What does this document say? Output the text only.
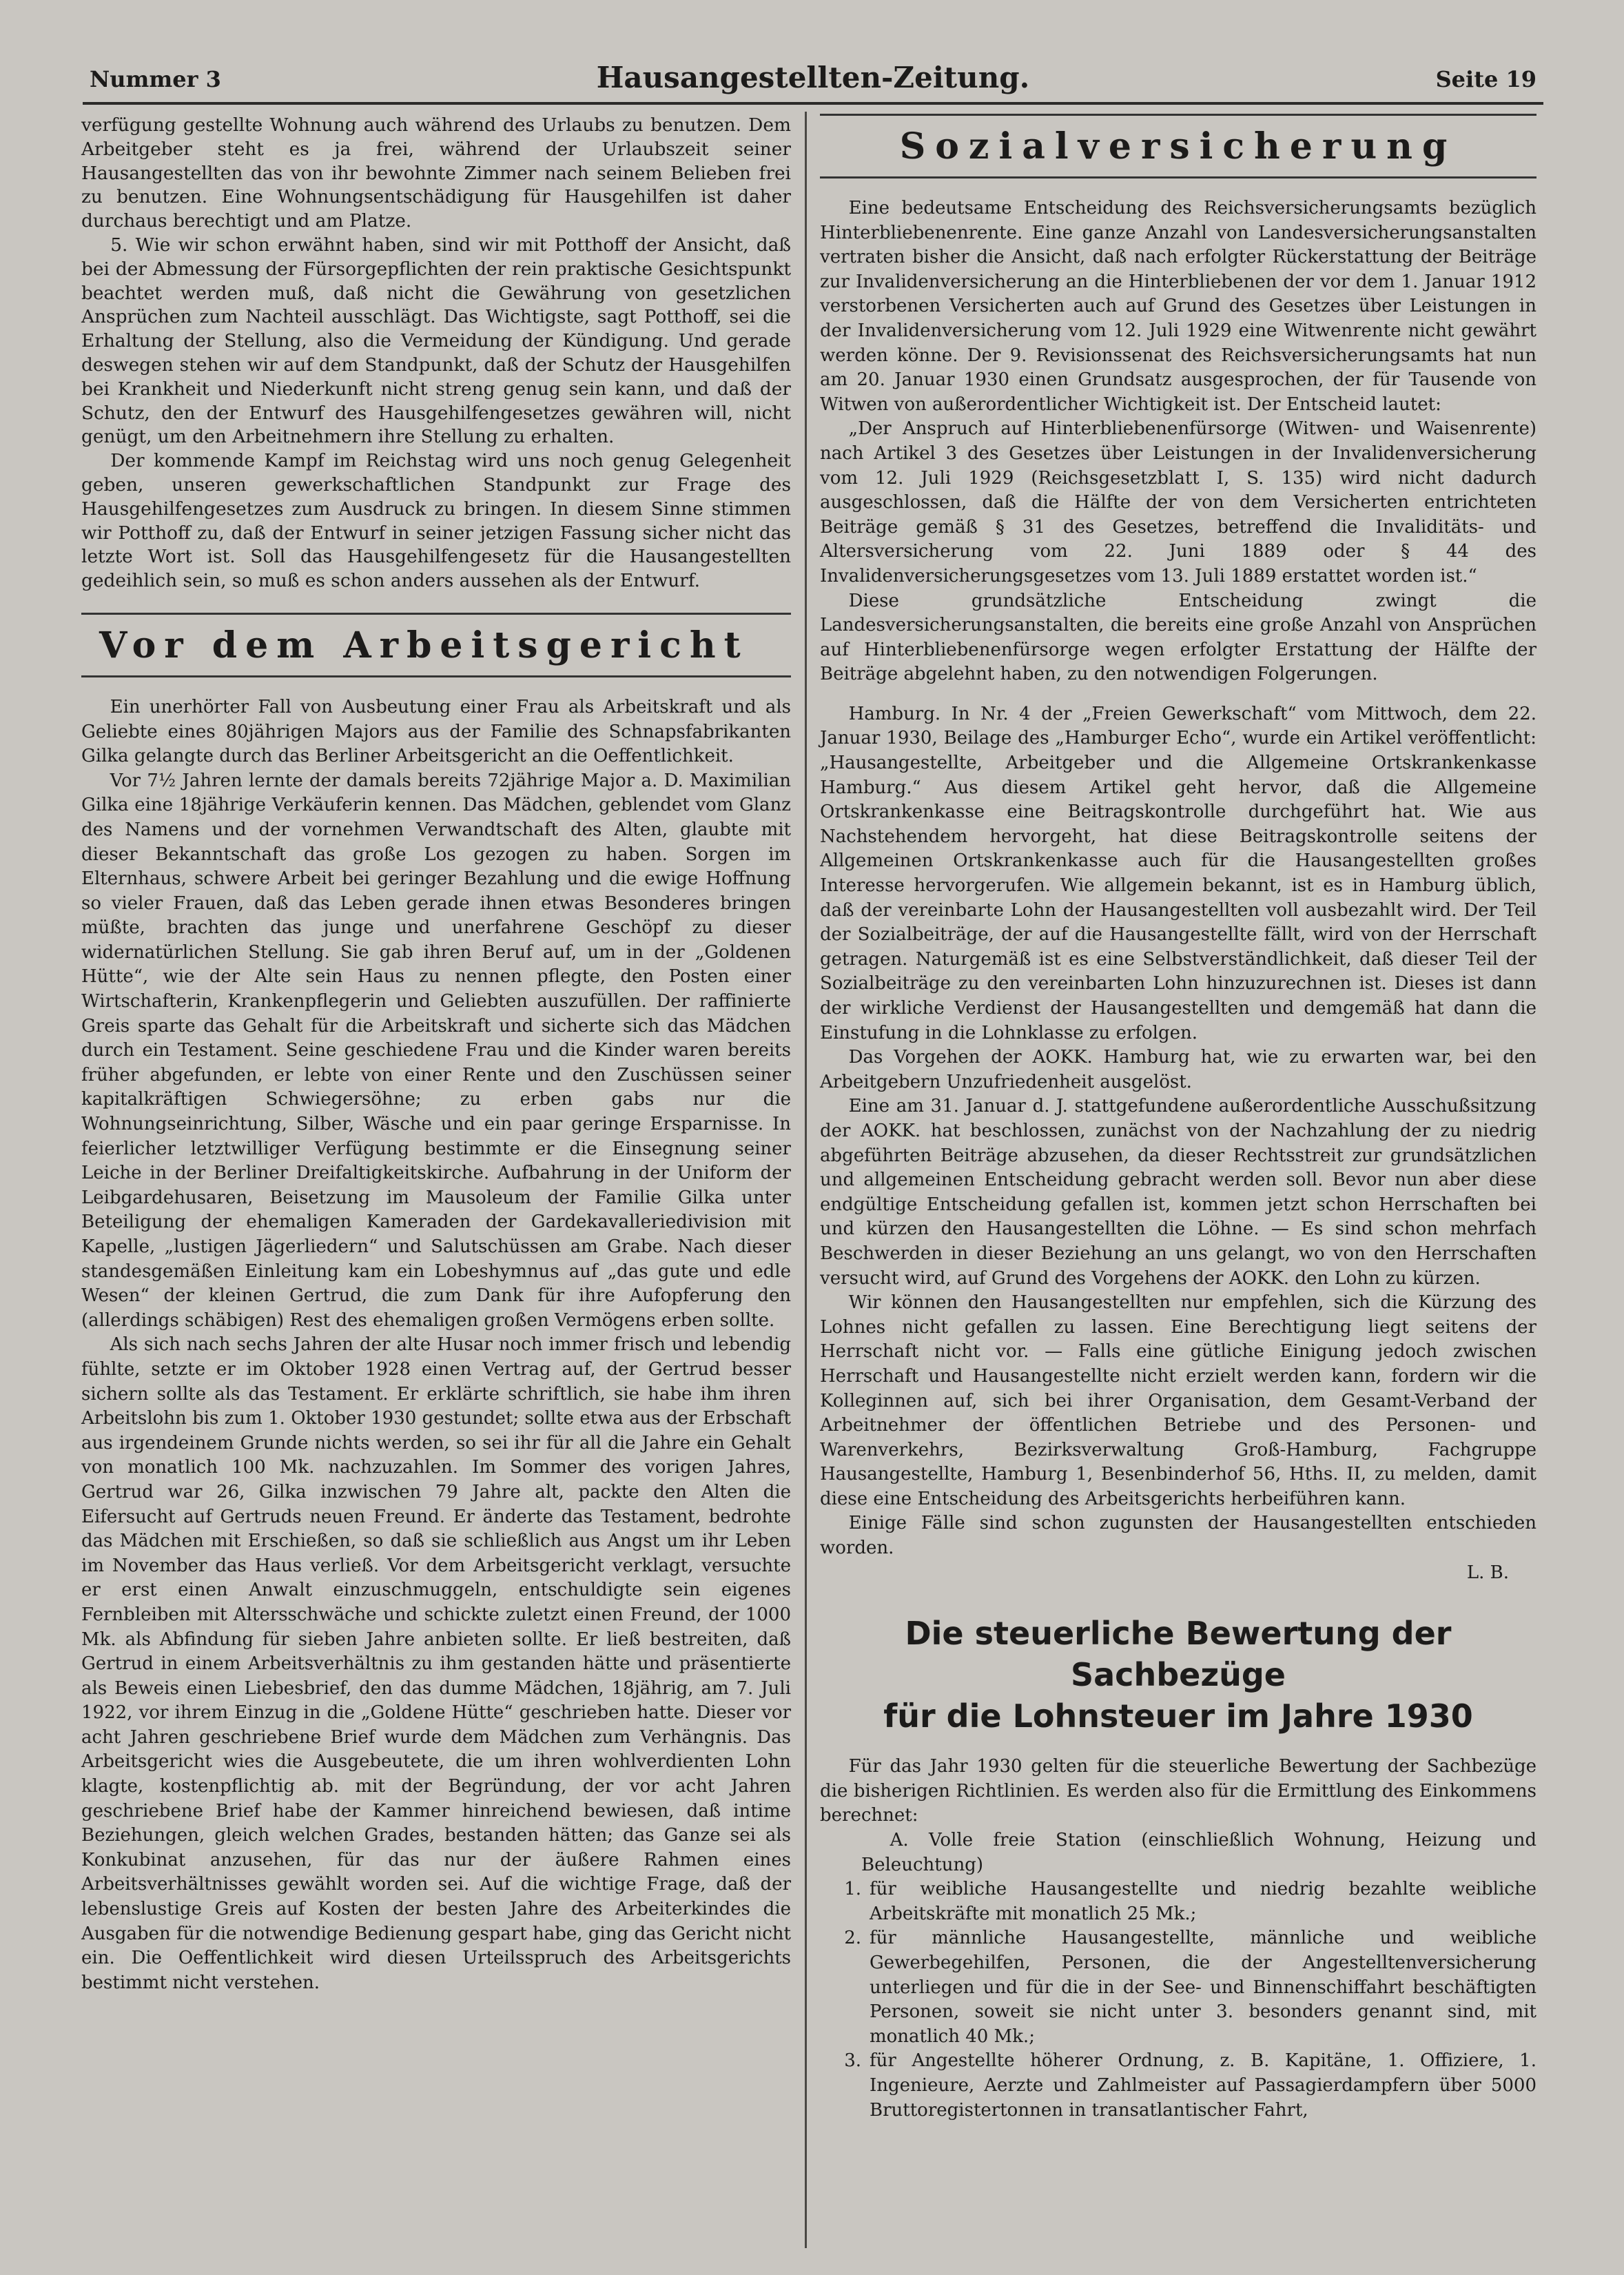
Nummer 3	Hausangestellten-Zeitung.	Seite 19

verfügung gestellte Wohnung auch während des Urlaubs zu benutzen. Dem Arbeitgeber steht es ja frei, während der Urlaubszeit seiner Hausangestellten das von ihr bewohnte Zimmer nach seinem Belieben frei zu benutzen. Eine Wohnungsentschädigung für Hausgehilfen ist daher durchaus berechtigt und am Platze.

5. Wie wir schon erwähnt haben, sind wir mit Potthoff der Ansicht, daß bei der Abmessung der Fürsorgepflichten der rein praktische Gesichtspunkt beachtet werden muß, daß nicht die Gewährung von gesetzlichen Ansprüchen zum Nachteil ausschlägt. Das Wichtigste, sagt Potthoff, sei die Erhaltung der Stellung, also die Vermeidung der Kündigung. Und gerade deswegen stehen wir auf dem Standpunkt, daß der Schutz der Hausgehilfen bei Krankheit und Niederkunft nicht streng genug sein kann, und daß der Schutz, den der Entwurf des Hausgehilfengesetzes gewähren will, nicht genügt, um den Arbeitnehmern ihre Stellung zu erhalten.

Der kommende Kampf im Reichstag wird uns noch genug Gelegenheit geben, unseren gewerkschaftlichen Standpunkt zur Frage des Hausgehilfengesetzes zum Ausdruck zu bringen. In diesem Sinne stimmen wir Potthoff zu, daß der Entwurf in seiner jetzigen Fassung sicher nicht das letzte Wort ist. Soll das Hausgehilfengesetz für die Hausangestellten gedeihlich sein, so muß es schon anders aussehen als der Entwurf.

Vor dem Arbeitsgericht

Ein unerhörter Fall von Ausbeutung einer Frau als Arbeitskraft und als Geliebte eines 80jährigen Majors aus der Familie des Schnapsfabrikanten Gilka gelangte durch das Berliner Arbeitsgericht an die Oeffentlichkeit.

Vor 7½ Jahren lernte der damals bereits 72jährige Major a. D. Maximilian Gilka eine 18jährige Verkäuferin kennen. Das Mädchen, geblendet vom Glanz des Namens und der vornehmen Verwandtschaft des Alten, glaubte mit dieser Bekanntschaft das große Los gezogen zu haben. Sorgen im Elternhaus, schwere Arbeit bei geringer Bezahlung und die ewige Hoffnung so vieler Frauen, daß das Leben gerade ihnen etwas Besonderes bringen müßte, brachten das junge und unerfahrene Geschöpf zu dieser widernatürlichen Stellung. Sie gab ihren Beruf auf, um in der „Goldenen Hütte“, wie der Alte sein Haus zu nennen pflegte, den Posten einer Wirtschafterin, Krankenpflegerin und Geliebten auszufüllen. Der raffinierte Greis sparte das Gehalt für die Arbeitskraft und sicherte sich das Mädchen durch ein Testament. Seine geschiedene Frau und die Kinder waren bereits früher abgefunden, er lebte von einer Rente und den Zuschüssen seiner kapitalkräftigen Schwiegersöhne; zu erben gabs nur die Wohnungseinrichtung, Silber, Wäsche und ein paar geringe Ersparnisse. In feierlicher letztwilliger Verfügung bestimmte er die Einsegnung seiner Leiche in der Berliner Dreifaltigkeitskirche. Aufbahrung in der Uniform der Leibgardehusaren, Beisetzung im Mausoleum der Familie Gilka unter Beteiligung der ehemaligen Kameraden der Gardekavalleriedivision mit Kapelle, „lustigen Jägerliedern“ und Salutschüssen am Grabe. Nach dieser standesgemäßen Einleitung kam ein Lobeshymnus auf „das gute und edle Wesen“ der kleinen Gertrud, die zum Dank für ihre Aufopferung den (allerdings schäbigen) Rest des ehemaligen großen Vermögens erben sollte.

Als sich nach sechs Jahren der alte Husar noch immer frisch und lebendig fühlte, setzte er im Oktober 1928 einen Vertrag auf, der Gertrud besser sichern sollte als das Testament. Er erklärte schriftlich, sie habe ihm ihren Arbeitslohn bis zum 1. Oktober 1930 gestundet; sollte etwa aus der Erbschaft aus irgendeinem Grunde nichts werden, so sei ihr für all die Jahre ein Gehalt von monatlich 100 Mk. nachzuzahlen. Im Sommer des vorigen Jahres, Gertrud war 26, Gilka inzwischen 79 Jahre alt, packte den Alten die Eifersucht auf Gertruds neuen Freund. Er änderte das Testament, bedrohte das Mädchen mit Erschießen, so daß sie schließlich aus Angst um ihr Leben im November das Haus verließ. Vor dem Arbeitsgericht verklagt, versuchte er erst einen Anwalt einzuschmuggeln, entschuldigte sein eigenes Fernbleiben mit Altersschwäche und schickte zuletzt einen Freund, der 1000 Mk. als Abfindung für sieben Jahre anbieten sollte. Er ließ bestreiten, daß Gertrud in einem Arbeitsverhältnis zu ihm gestanden hätte und präsentierte als Beweis einen Liebesbrief, den das dumme Mädchen, 18jährig, am 7. Juli 1922, vor ihrem Einzug in die „Goldene Hütte“ geschrieben hatte. Dieser vor acht Jahren geschriebene Brief wurde dem Mädchen zum Verhängnis. Das Arbeitsgericht wies die Ausgebeutete, die um ihren wohlverdienten Lohn klagte, kostenpflichtig ab. mit der Begründung, der vor acht Jahren geschriebene Brief habe der Kammer hinreichend bewiesen, daß intime Beziehungen, gleich welchen Grades, bestanden hätten; das Ganze sei als Konkubinat anzusehen, für das nur der äußere Rahmen eines Arbeitsverhältnisses gewählt worden sei. Auf die wichtige Frage, daß der lebenslustige Greis auf Kosten der besten Jahre des Arbeiterkindes die Ausgaben für die notwendige Bedienung gespart habe, ging das Gericht nicht ein. Die Oeffentlichkeit wird diesen Urteilsspruch des Arbeitsgerichts bestimmt nicht verstehen.

Sozialversicherung

Eine bedeutsame Entscheidung des Reichsversicherungsamts bezüglich Hinterbliebenenrente. Eine ganze Anzahl von Landesversicherungsanstalten vertraten bisher die Ansicht, daß nach erfolgter Rückerstattung der Beiträge zur Invalidenversicherung an die Hinterbliebenen der vor dem 1. Januar 1912 verstorbenen Versicherten auch auf Grund des Gesetzes über Leistungen in der Invalidenversicherung vom 12. Juli 1929 eine Witwenrente nicht gewährt werden könne. Der 9. Revisionssenat des Reichsversicherungsamts hat nun am 20. Januar 1930 einen Grundsatz ausgesprochen, der für Tausende von Witwen von außerordentlicher Wichtigkeit ist. Der Entscheid lautet:

„Der Anspruch auf Hinterbliebenenfürsorge (Witwen- und Waisenrente) nach Artikel 3 des Gesetzes über Leistungen in der Invalidenversicherung vom 12. Juli 1929 (Reichsgesetzblatt I, S. 135) wird nicht dadurch ausgeschlossen, daß die Hälfte der von dem Versicherten entrichteten Beiträge gemäß § 31 des Gesetzes, betreffend die Invaliditäts- und Altersversicherung vom 22. Juni 1889 oder § 44 des Invalidenversicherungsgesetzes vom 13. Juli 1889 erstattet worden ist.“

Diese grundsätzliche Entscheidung zwingt die Landesversicherungsanstalten, die bereits eine große Anzahl von Ansprüchen auf Hinterbliebenenfürsorge wegen erfolgter Erstattung der Hälfte der Beiträge abgelehnt haben, zu den notwendigen Folgerungen.

Hamburg. In Nr. 4 der „Freien Gewerkschaft“ vom Mittwoch, dem 22. Januar 1930, Beilage des „Hamburger Echo“, wurde ein Artikel veröffentlicht: „Hausangestellte, Arbeitgeber und die Allgemeine Ortskrankenkasse Hamburg.“ Aus diesem Artikel geht hervor, daß die Allgemeine Ortskrankenkasse eine Beitragskontrolle durchgeführt hat. Wie aus Nachstehendem hervorgeht, hat diese Beitragskontrolle seitens der Allgemeinen Ortskrankenkasse auch für die Hausangestellten großes Interesse hervorgerufen. Wie allgemein bekannt, ist es in Hamburg üblich, daß der vereinbarte Lohn der Hausangestellten voll ausbezahlt wird. Der Teil der Sozialbeiträge, der auf die Hausangestellte fällt, wird von der Herrschaft getragen. Naturgemäß ist es eine Selbstverständlichkeit, daß dieser Teil der Sozialbeiträge zu den vereinbarten Lohn hinzuzurechnen ist. Dieses ist dann der wirkliche Verdienst der Hausangestellten und demgemäß hat dann die Einstufung in die Lohnklasse zu erfolgen.

Das Vorgehen der AOKK. Hamburg hat, wie zu erwarten war, bei den Arbeitgebern Unzufriedenheit ausgelöst.

Eine am 31. Januar d. J. stattgefundene außerordentliche Ausschußsitzung der AOKK. hat beschlossen, zunächst von der Nachzahlung der zu niedrig abgeführten Beiträge abzusehen, da dieser Rechtsstreit zur grundsätzlichen und allgemeinen Entscheidung gebracht werden soll. Bevor nun aber diese endgültige Entscheidung gefallen ist, kommen jetzt schon Herrschaften bei und kürzen den Hausangestellten die Löhne. — Es sind schon mehrfach Beschwerden in dieser Beziehung an uns gelangt, wo von den Herrschaften versucht wird, auf Grund des Vorgehens der AOKK. den Lohn zu kürzen.

Wir können den Hausangestellten nur empfehlen, sich die Kürzung des Lohnes nicht gefallen zu lassen. Eine Berechtigung liegt seitens der Herrschaft nicht vor. — Falls eine gütliche Einigung jedoch zwischen Herrschaft und Hausangestellte nicht erzielt werden kann, fordern wir die Kolleginnen auf, sich bei ihrer Organisation, dem Gesamt-Verband der Arbeitnehmer der öffentlichen Betriebe und des Personen- und Warenverkehrs, Bezirksverwaltung Groß-Hamburg, Fachgruppe Hausangestellte, Hamburg 1, Besenbinderhof 56, Hths. II, zu melden, damit diese eine Entscheidung des Arbeitsgerichts herbeiführen kann.

Einige Fälle sind schon zugunsten der Hausangestellten entschieden worden.

L. B.
Die steuerliche Bewertung der Sachbezüge
für die Lohnsteuer im Jahre 1930

Für das Jahr 1930 gelten für die steuerliche Bewertung der Sachbezüge die bisherigen Richtlinien. Es werden also für die Ermittlung des Einkommens berechnet:

A. Volle freie Station (einschließlich Wohnung, Heizung und Beleuchtung)

1. für weibliche Hausangestellte und niedrig bezahlte weibliche Arbeitskräfte mit monatlich 25 Mk.;
2. für männliche Hausangestellte, männliche und weibliche Gewerbegehilfen, Personen, die der Angestelltenversicherung unterliegen und für die in der See- und Binnenschiffahrt beschäftigten Personen, soweit sie nicht unter 3. besonders genannt sind, mit monatlich 40 Mk.;
3. für Angestellte höherer Ordnung, z. B. Kapitäne, 1. Offiziere, 1. Ingenieure, Aerzte und Zahlmeister auf Passagierdampfern über 5000 Bruttoregistertonnen in transatlantischer Fahrt,
